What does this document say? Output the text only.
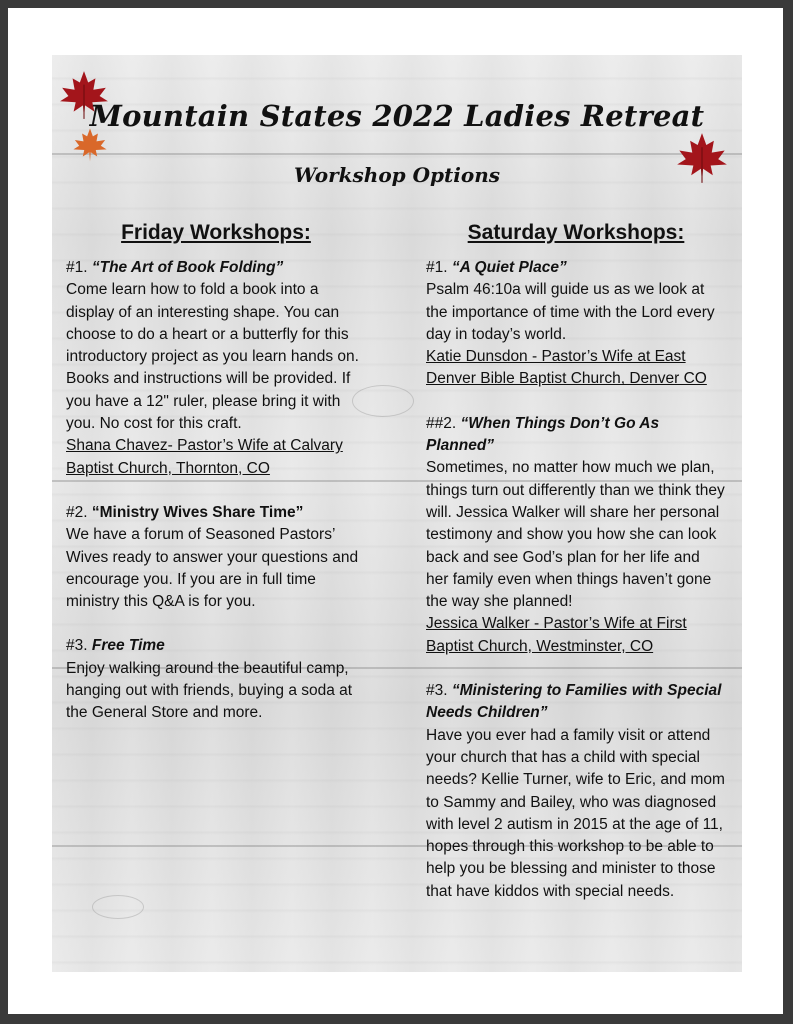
Mountain States 2022 Ladies Retreat
Workshop Options
Friday Workshops:

#1. “The Art of Book Folding”

Come learn how to fold a book into a display of an interesting shape. You can choose to do a heart or a butterfly for this introductory project as you learn hands on. Books and instructions will be provided. If you have a 12" ruler, please bring it with you. No cost for this craft.

Shana Chavez- Pastor’s Wife at Calvary Baptist Church, Thornton, CO

#2. “Ministry Wives Share Time”

We have a forum of Seasoned Pastors’ Wives ready to answer your questions and encourage you. If you are in full time ministry this Q&A is for you.

#3. Free Time

Enjoy walking around the beautiful camp, hanging out with friends, buying a soda at the General Store and more.

Saturday Workshops:

#1. “A Quiet Place”

Psalm 46:10a will guide us as we look at the importance of time with the Lord every day in today’s world.

Katie Dunsdon - Pastor’s Wife at East Denver Bible Baptist Church, Denver CO

##2. “When Things Don’t Go As Planned”

Sometimes, no matter how much we plan, things turn out differently than we think they will. Jessica Walker will share her personal testimony and show you how she can look back and see God’s plan for her life and her family even when things haven’t gone the way she planned!

Jessica Walker - Pastor’s Wife at First Baptist Church, Westminster, CO

#3. “Ministering to Families with Special Needs Children”

Have you ever had a family visit or attend your church that has a child with special needs? Kellie Turner, wife to Eric, and mom to Sammy and Bailey, who was diagnosed with level 2 autism in 2015 at the age of 11, hopes through this workshop to be able to help you be blessing and minister to those that have kiddos with special needs.
